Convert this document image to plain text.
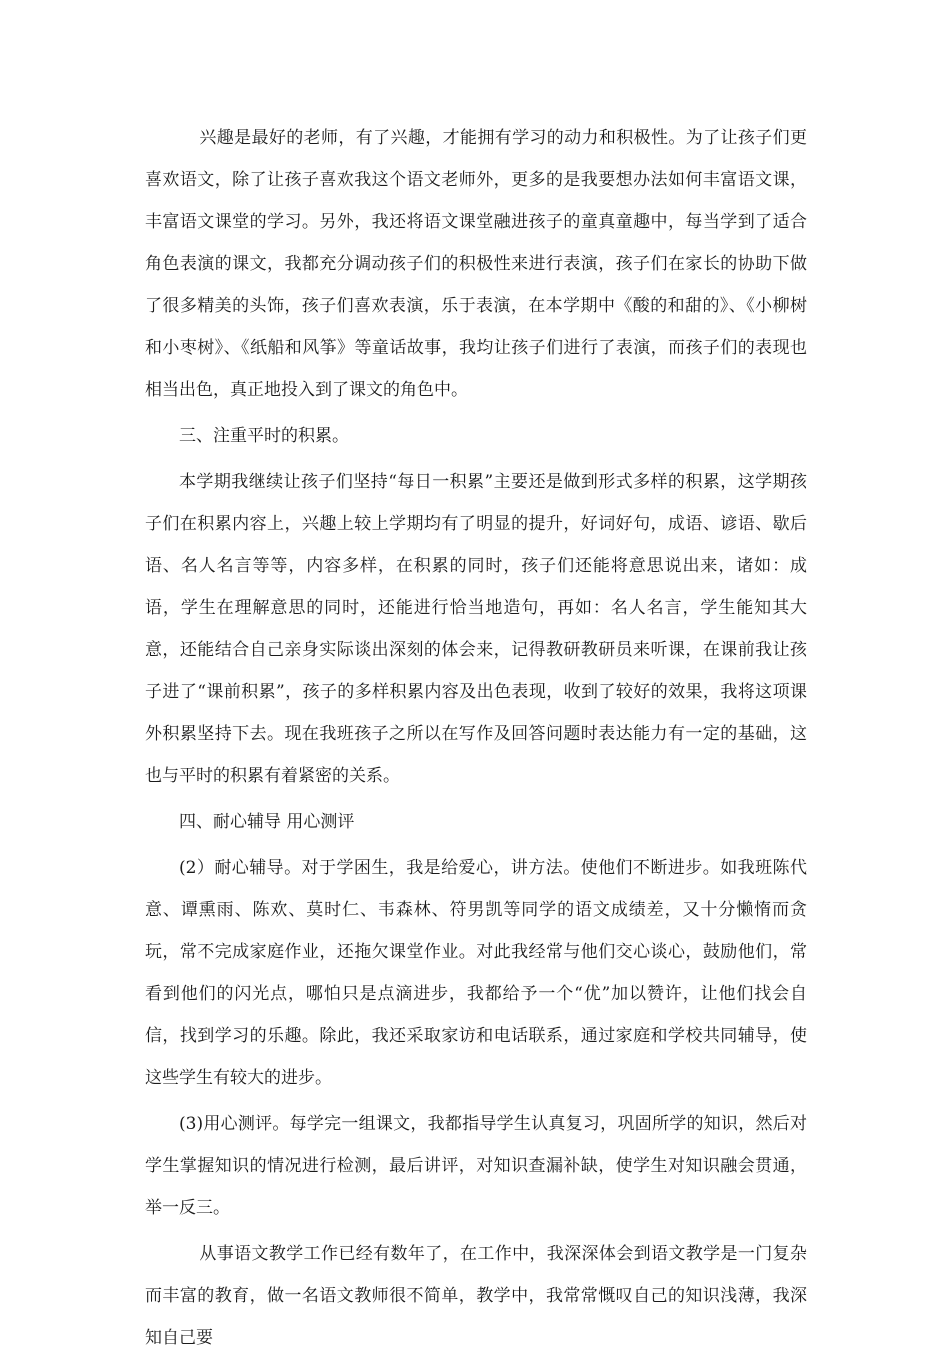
兴趣是最好的老师，有了兴趣，才能拥有学习的动力和积极性。为了让孩子们更喜欢语文，除了让孩子喜欢我这个语文老师外，更多的是我要想办法如何丰富语文课，丰富语文课堂的学习。另外，我还将语文课堂融进孩子的童真童趣中，每当学到了适合角色表演的课文，我都充分调动孩子们的积极性来进行表演，孩子们在家长的协助下做了很多精美的头饰，孩子们喜欢表演，乐于表演，在本学期中《酸的和甜的》、《小柳树和小枣树》、《纸船和风筝》等童话故事，我均让孩子们进行了表演，而孩子们的表现也相当出色，真正地投入到了课文的角色中。

三、注重平时的积累。

本学期我继续让孩子们坚持“每日一积累”主要还是做到形式多样的积累，这学期孩子们在积累内容上，兴趣上较上学期均有了明显的提升，好词好句，成语、谚语、歇后语、名人名言等等，内容多样，在积累的同时，孩子们还能将意思说出来，诸如：成语，学生在理解意思的同时，还能进行恰当地造句，再如：名人名言，学生能知其大意，还能结合自己亲身实际谈出深刻的体会来，记得教研教研员来听课，在课前我让孩子进了“课前积累”，孩子的多样积累内容及出色表现，收到了较好的效果，我将这项课外积累坚持下去。现在我班孩子之所以在写作及回答问题时表达能力有一定的基础，这也与平时的积累有着紧密的关系。

四、耐心辅导 用心测评

(2）耐心辅导。对于学困生，我是给爱心，讲方法。使他们不断进步。如我班陈代意、谭熏雨、陈欢、莫时仁、韦森林、符男凯等同学的语文成绩差，又十分懒惰而贪玩，常不完成家庭作业，还拖欠课堂作业。对此我经常与他们交心谈心，鼓励他们，常看到他们的闪光点，哪怕只是点滴进步，我都给予一个“优”加以赞许，让他们找会自信，找到学习的乐趣。除此，我还采取家访和电话联系，通过家庭和学校共同辅导，使这些学生有较大的进步。

(3)用心测评。每学完一组课文，我都指导学生认真复习，巩固所学的知识，然后对学生掌握知识的情况进行检测，最后讲评，对知识查漏补缺，使学生对知识融会贯通，举一反三。

从事语文教学工作已经有数年了，在工作中，我深深体会到语文教学是一门复杂而丰富的教育，做一名语文教师很不简单，教学中，我常常慨叹自己的知识浅薄，我深知自己要
